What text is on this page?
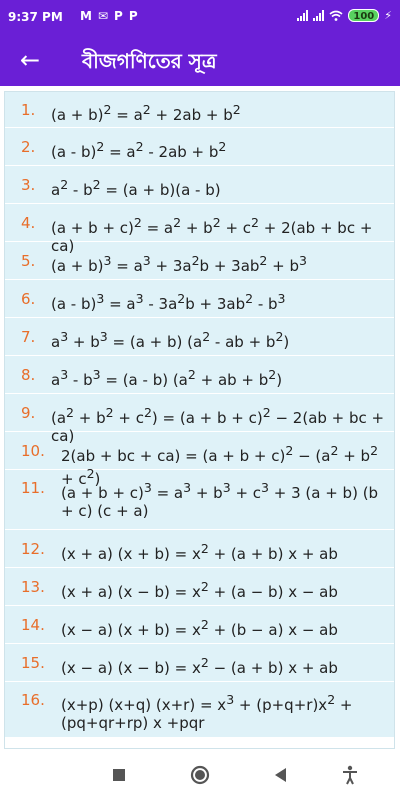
9:37 PM M ✉ P P	100 ⚡
← বীজগণিতের সূত্র
1.	$(a + b)^2 = a^2 + 2ab + b^2$
2.	$(a - b)^2 = a^2 - 2ab + b^2$
3.	$a^2 - b^2 = (a + b)(a - b)$
4.	$(a + b + c)^2 = a^2 + b^2 + c^2 + 2(ab$ + bc + ca)
5.	$(a + b)^3 = a^3 + 3a^2b + 3ab^2 + b^3$
6.	$(a - b)^3 = a^3 - 3a^2b + 3ab^2 - b^3$
7.	$a^3 + b^3 = (a + b)$ ($a^2$ - ab + $b^2$)
8.	$a^3 - b^3 = (a - b) (a^2$ + ab + $b^2$)
9.	$(a^2 + b^2 + c^2) = (a + b + c)^2 - 2(ab$ + bc + ca)
10.	2(ab + bc + $ca) = (a + b + c)^2 - (a^2 + b^2 + c^2)$
11.	$(a + b + c)^3 = a^3 + b^3 + c^3 + 3$ (a + b) (b + c) (c + a)
12.	(x + a) $(x + b) = x^2 + (a + b) x$ + ab
13.	(x + a) $(x - b) = x^2 + (a - b) x$ − ab
14.	(x − a) $(x + b) = x^2 + (b - a) x$ − ab
15.	(x − a) $(x - b) = x^2 - (a + b) x$ + ab
16.	(x+p) (x+q) $(x+r) = x^3 + (p+q+r)x^2 + (pq+qr+rp)$ x +pqr
